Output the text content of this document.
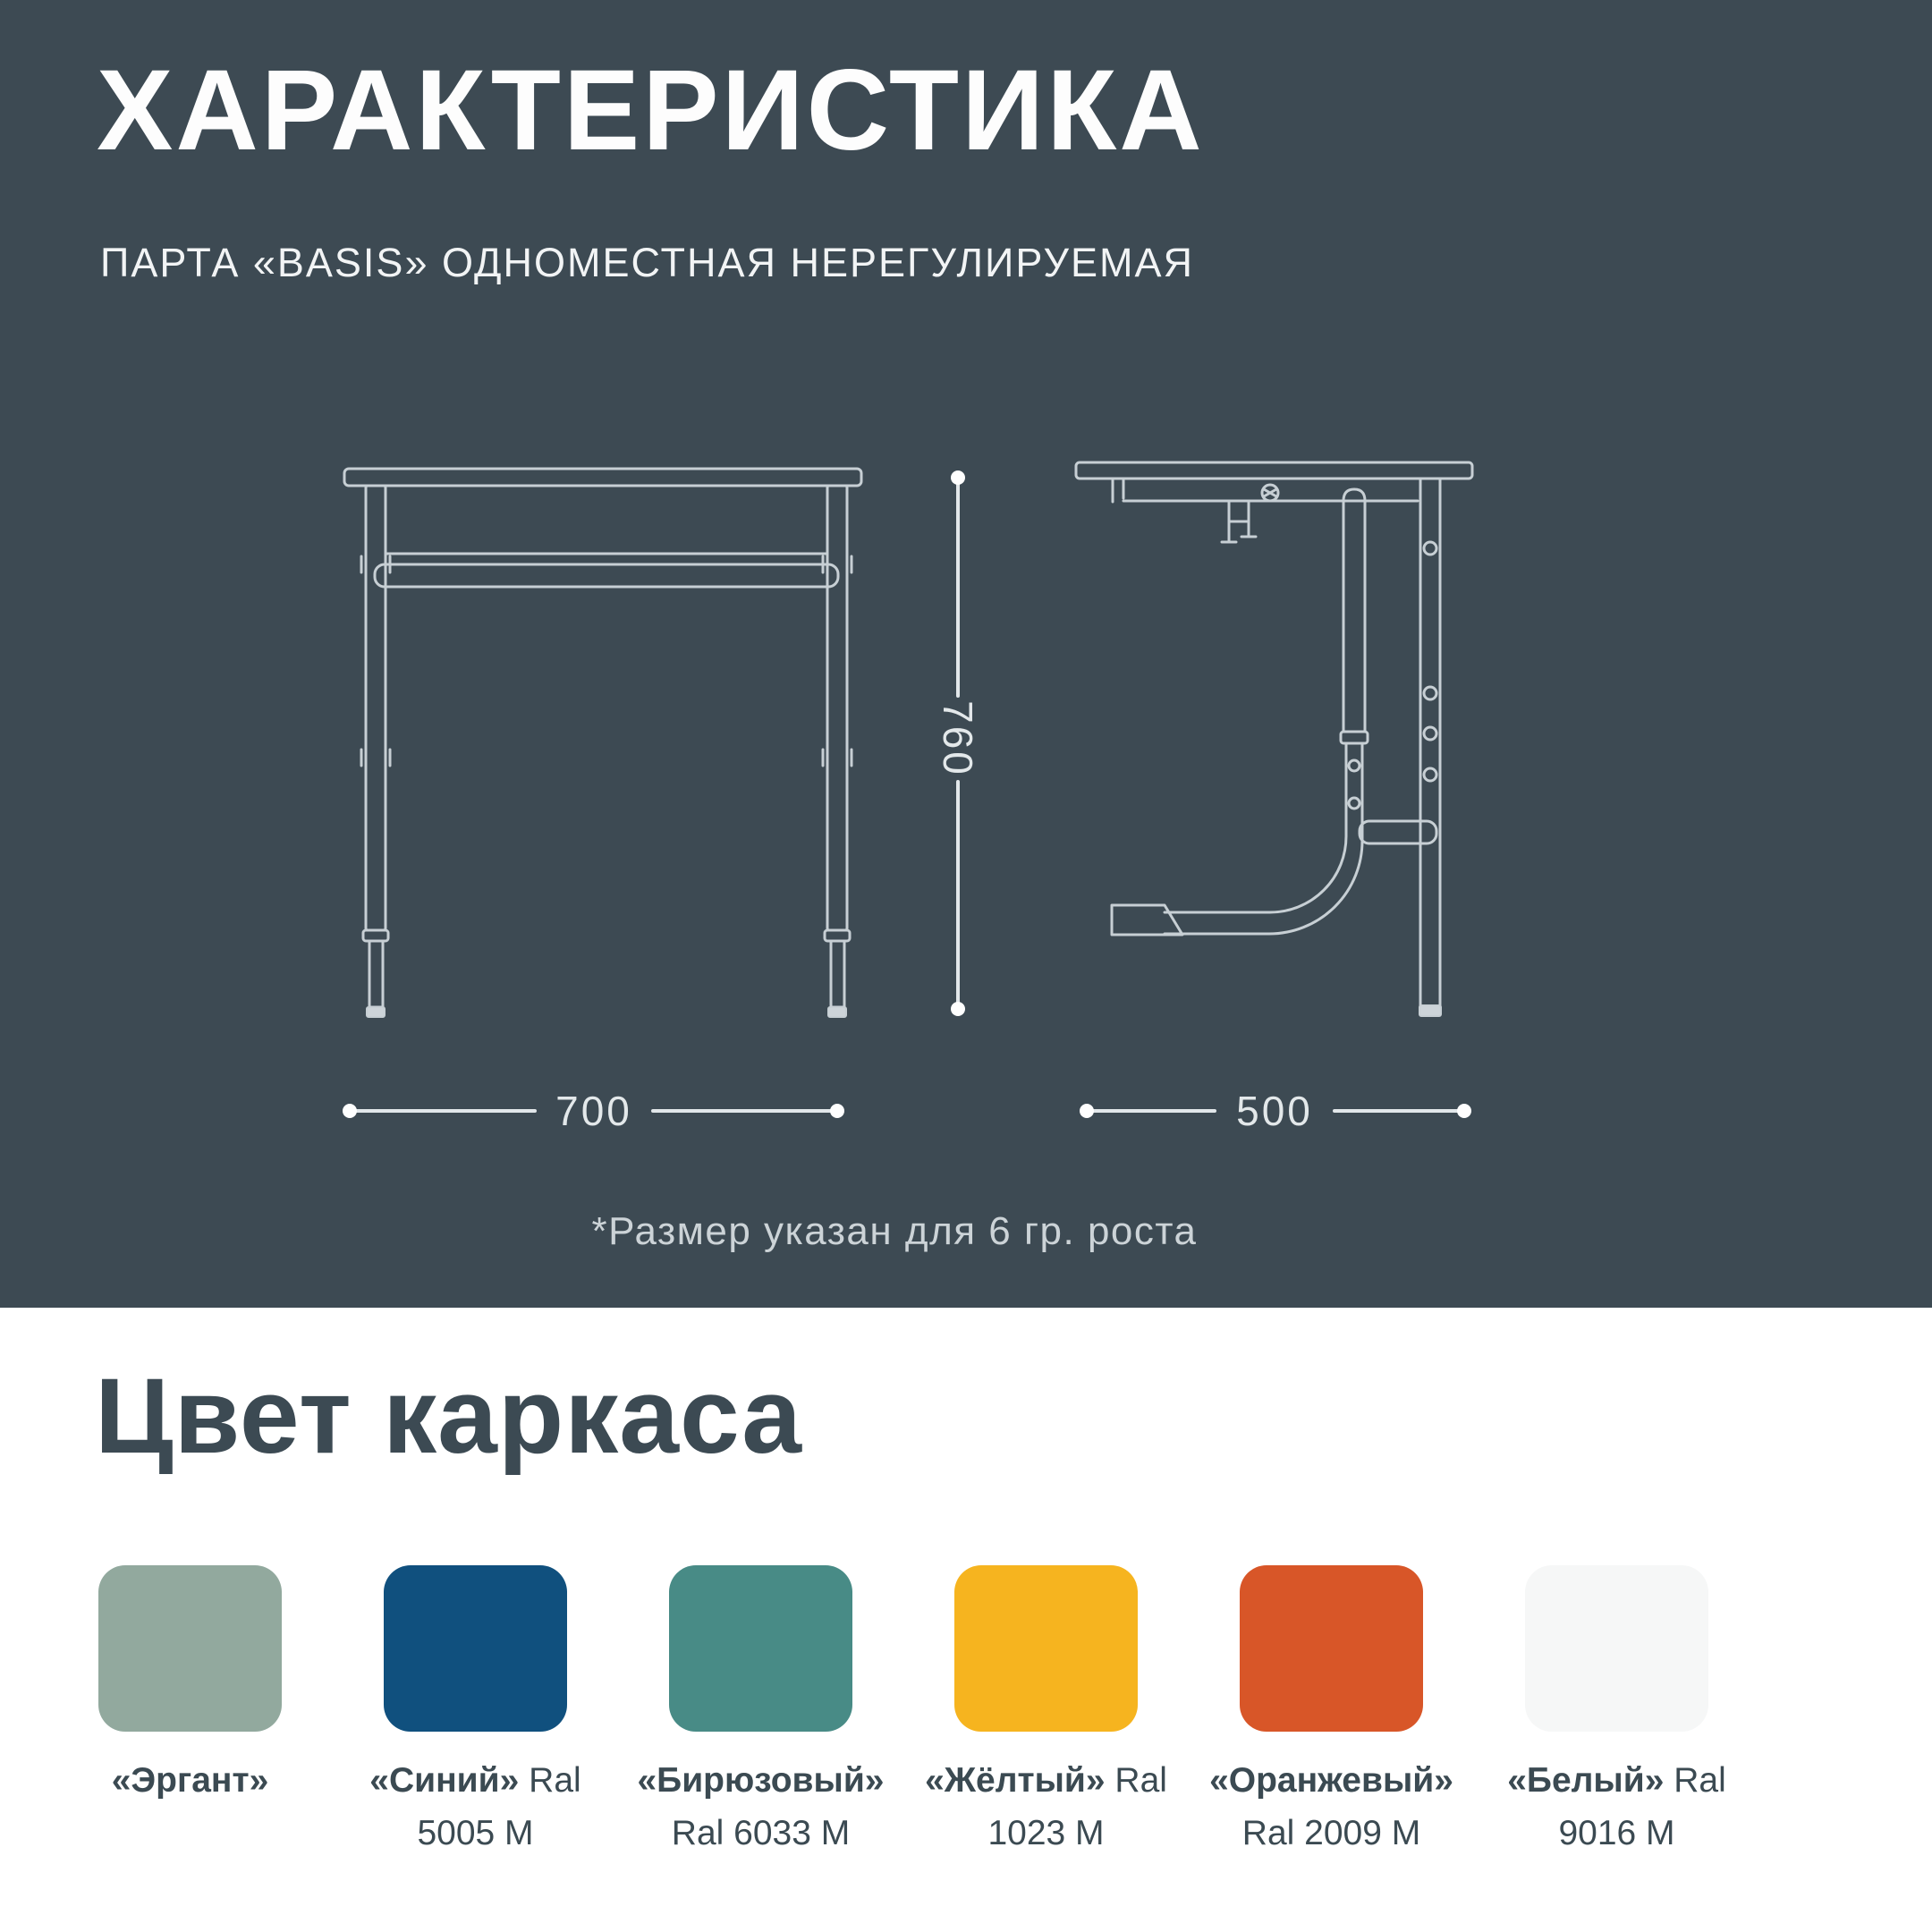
ХАРАКТЕРИСТИКА

ПАРТА «BASIS» ОДНОМЕСТНАЯ НЕРЕГУЛИРУЕМАЯ

760
700	500

*Размер указан для 6 гр. роста

Цвет каркаса
«Эргант»	«Синий» Ral
5005 М
«Бирюзовый»
Ral 6033 М
«Жёлтый» Ral
1023 М
«Оранжевый»
Ral 2009 М
«Белый» Ral
9016 М
